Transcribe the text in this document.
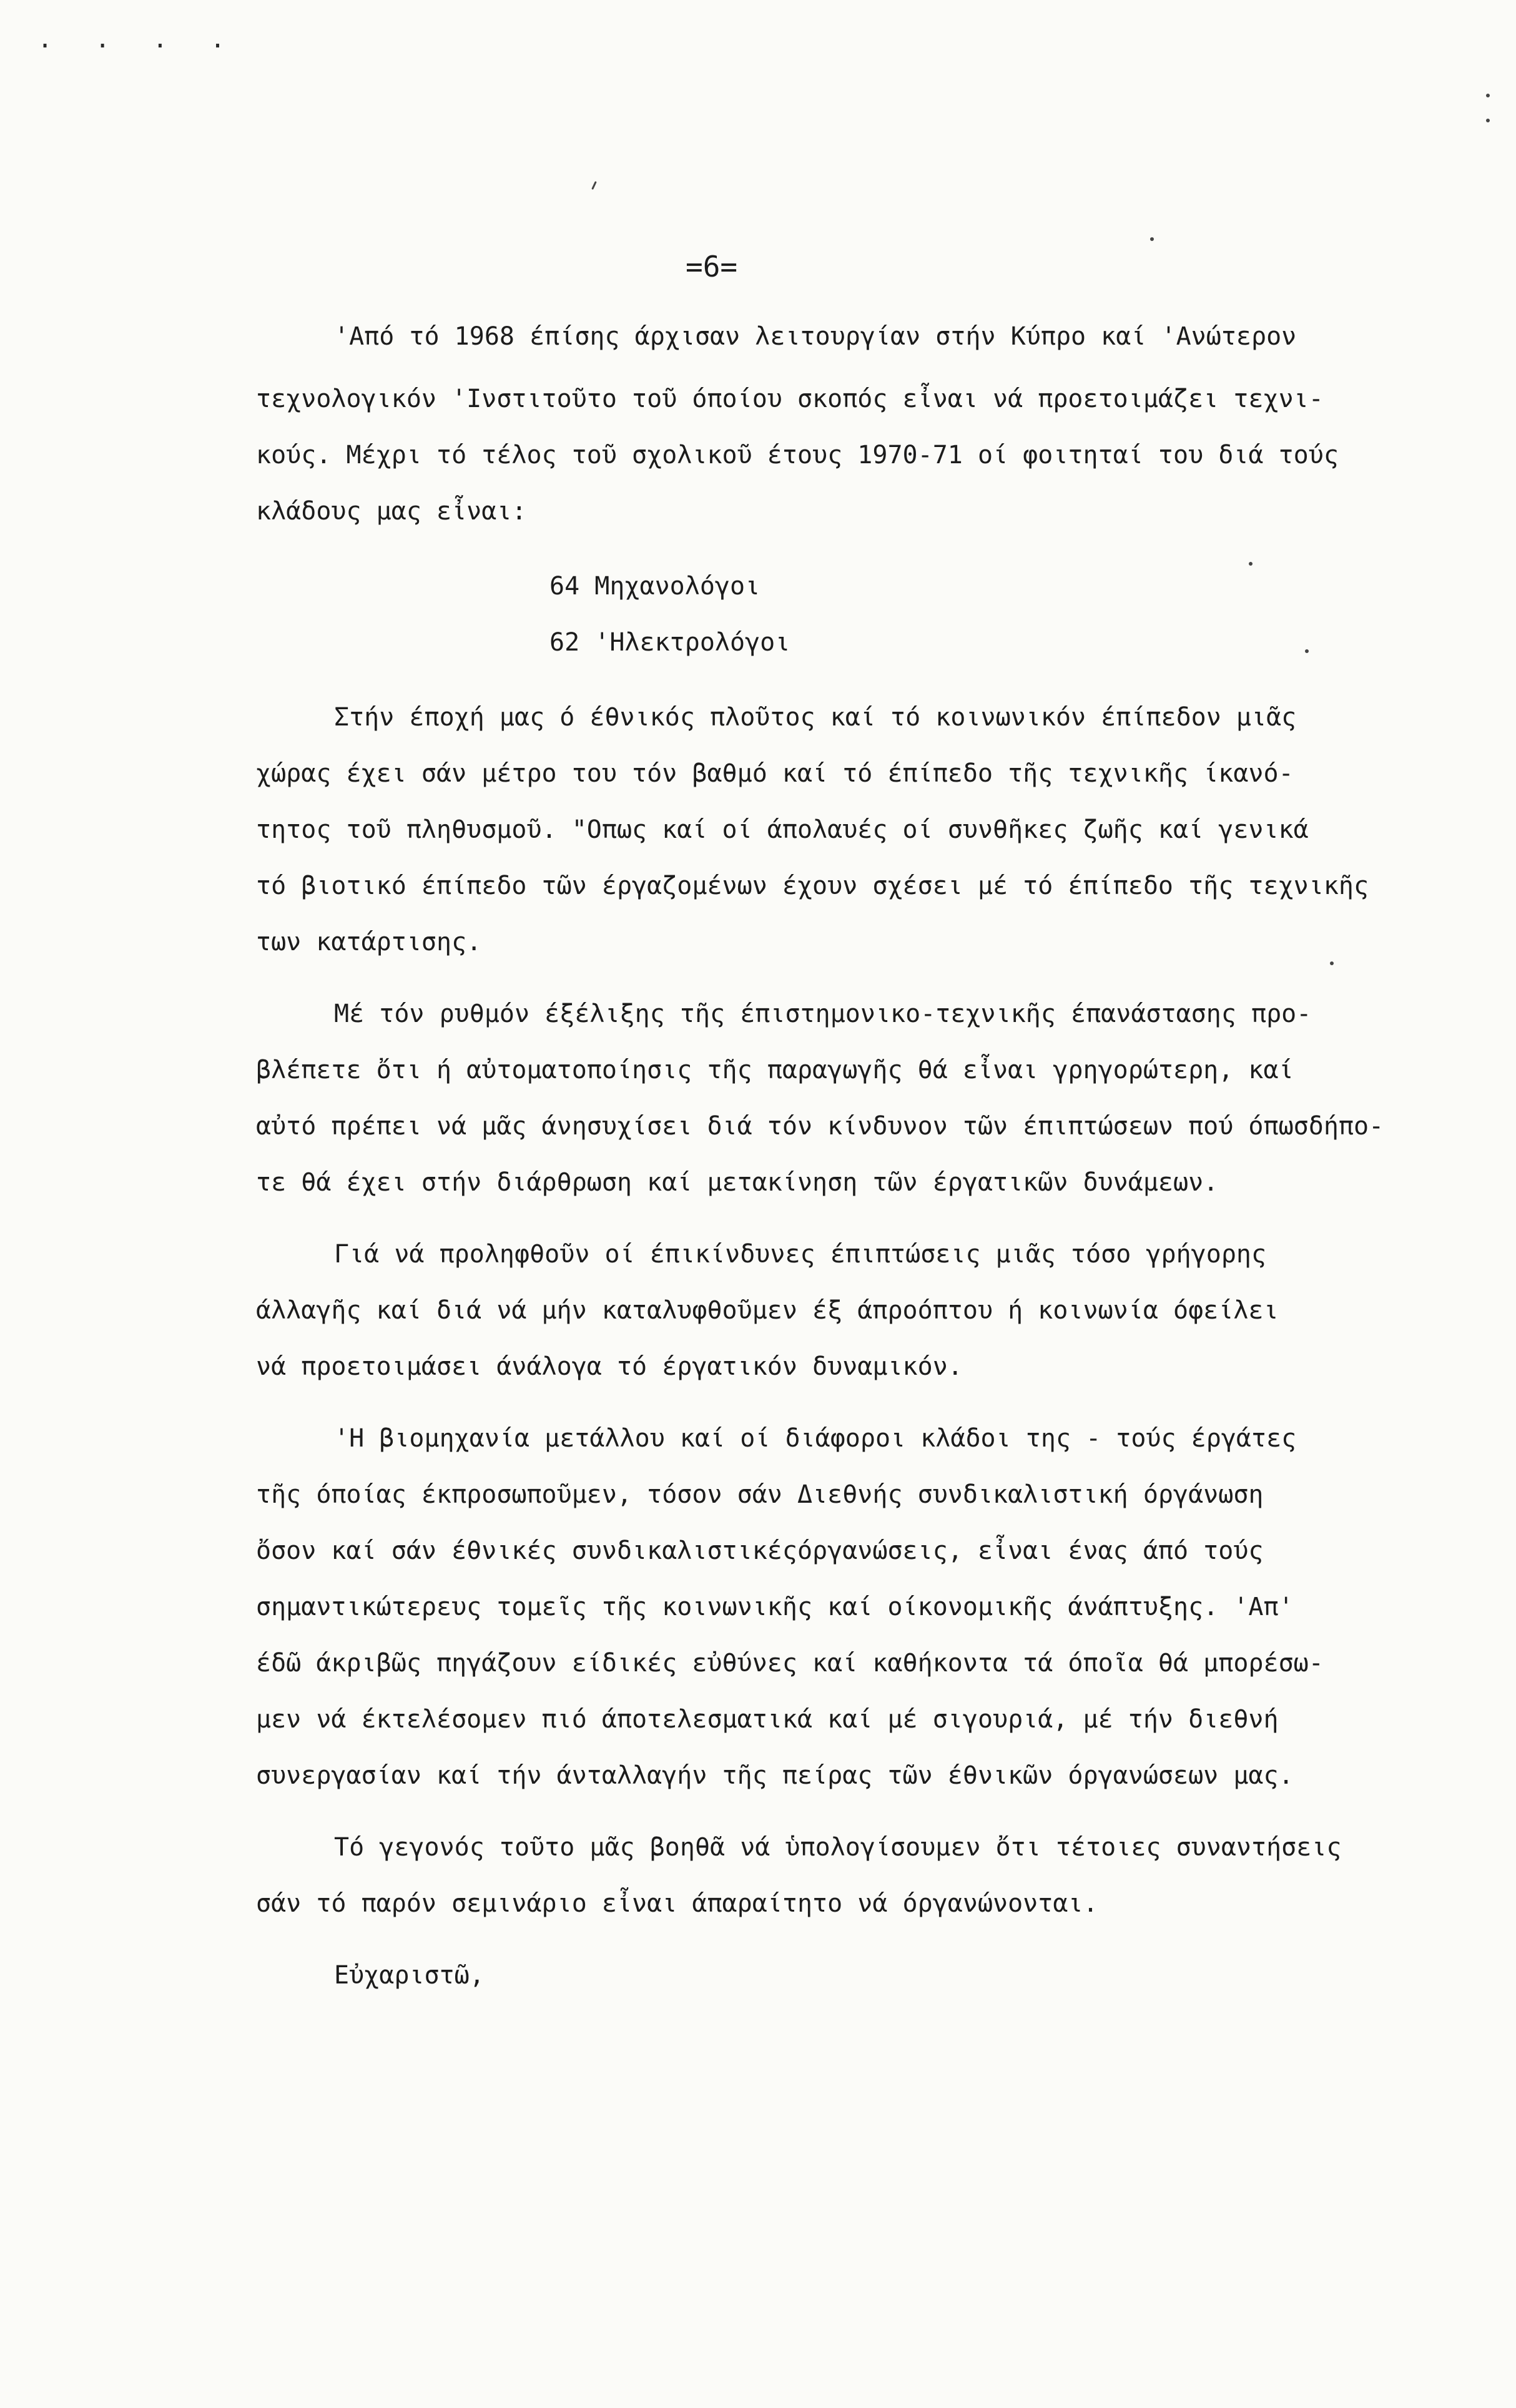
. . . .
=6=
'Από τό 1968 έπίσης άρχισαν λειτουργίαν στήν Κύπρο καί 'Ανώτερον
τεχνολογικόν 'Ινστιτοῦτο τοῦ όποίου σκοπός εἶναι νά προετοιμάζει τεχνι-
κούς. Μέχρι τό τέλος τοῦ σχολικοῦ έτους 1970-71 οί φοιτηταί του διά τούς
κλάδους μας εἶναι:
64 Μηχανολόγοι
62 'Ηλεκτρολόγοι
Στήν έποχή μας ό έθνικός πλοῦτος καί τό κοινωνικόν έπίπεδον μιᾶς
χώρας έχει σάν μέτρο του τόν βαθμό καί τό έπίπεδο τῆς τεχνικῆς ίκανό-
τητος τοῦ πληθυσμοῦ. "Οπως καί οί άπολαυές οί συνθῆκες ζωῆς καί γενικά
τό βιοτικό έπίπεδο τῶν έργαζομένων έχουν σχέσει μέ τό έπίπεδο τῆς τεχνικῆς
των κατάρτισης.
Μέ τόν ρυθμόν έξέλιξης τῆς έπιστημονικο-τεχνικῆς έπανάστασης προ-
βλέπετε ὄτι ή αὐτοματοποίησις τῆς παραγωγῆς θά εἶναι γρηγορώτερη, καί
αὐτό πρέπει νά μᾶς άνησυχίσει διά τόν κίνδυνον τῶν έπιπτώσεων πού όπωσδήπο-
τε θά έχει στήν διάρθρωση καί μετακίνηση τῶν έργατικῶν δυνάμεων.
Γιά νά προληφθοῦν οί έπικίνδυνες έπιπτώσεις μιᾶς τόσο γρήγορης
άλλαγῆς καί διά νά μήν καταλυφθοῦμεν έξ άπροόπτου ή κοινωνία όφείλει
νά προετοιμάσει άνάλογα τό έργατικόν δυναμικόν.
'Η βιομηχανία μετάλλου καί οί διάφοροι κλάδοι της - τούς έργάτες
τῆς όποίας έκπροσωποῦμεν, τόσον σάν Διεθνής συνδικαλιστική όργάνωση
ὄσον καί σάν έθνικές συνδικαλιστικέςόργανώσεις, εἶναι ένας άπό τούς
σημαντικώτερευς τομεῖς τῆς κοινωνικῆς καί οίκονομικῆς άνάπτυξης. 'Απ'
έδῶ άκριβῶς πηγάζουν είδικές εὐθύνες καί καθήκοντα τά όποῖα θά μπορέσω-
μεν νά έκτελέσομεν πιό άποτελεσματικά καί μέ σιγουριά, μέ τήν διεθνή
συνεργασίαν καί τήν άνταλλαγήν τῆς πείρας τῶν έθνικῶν όργανώσεων μας.
Τό γεγονός τοῦτο μᾶς βοηθᾶ νά ὑπολογίσουμεν ὄτι τέτοιες συναντήσεις
σάν τό παρόν σεμινάριο εἶναι άπαραίτητο νά όργανώνονται.
Εὐχαριστῶ,
